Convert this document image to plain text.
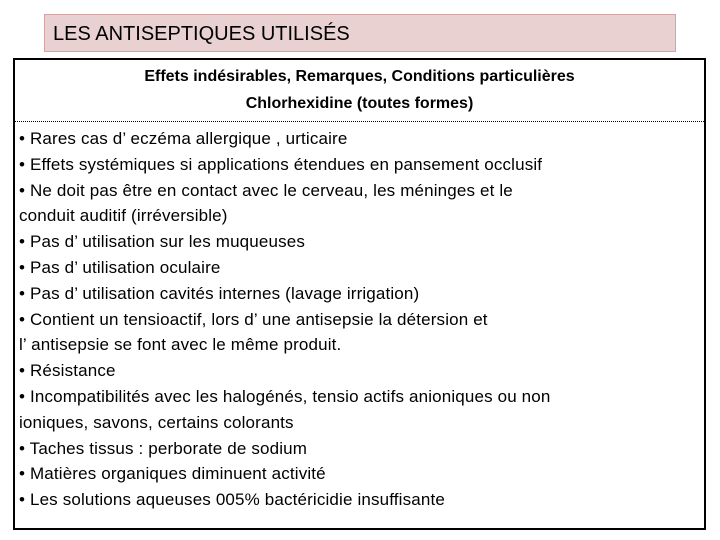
LES ANTISEPTIQUES UTILISÉS
Effets indésirables, Remarques, Conditions particulières
Chlorhexidine (toutes formes)
• Rares cas d’ eczéma allergique , urticaire
• Effets systémiques si applications étendues en pansement occlusif
• Ne doit pas être en contact avec le cerveau, les méninges et le
conduit auditif (irréversible)
• Pas d’ utilisation sur les muqueuses
• Pas d’ utilisation oculaire
• Pas d’ utilisation cavités internes (lavage irrigation)
• Contient un tensioactif, lors d’ une antisepsie la détersion et
l’ antisepsie se font avec le même produit.
• Résistance
• Incompatibilités avec les halogénés, tensio actifs anioniques ou non
ioniques, savons, certains colorants
• Taches tissus : perborate de sodium
• Matières organiques diminuent activité
• Les solutions aqueuses 005% bactéricidie insuffisante
